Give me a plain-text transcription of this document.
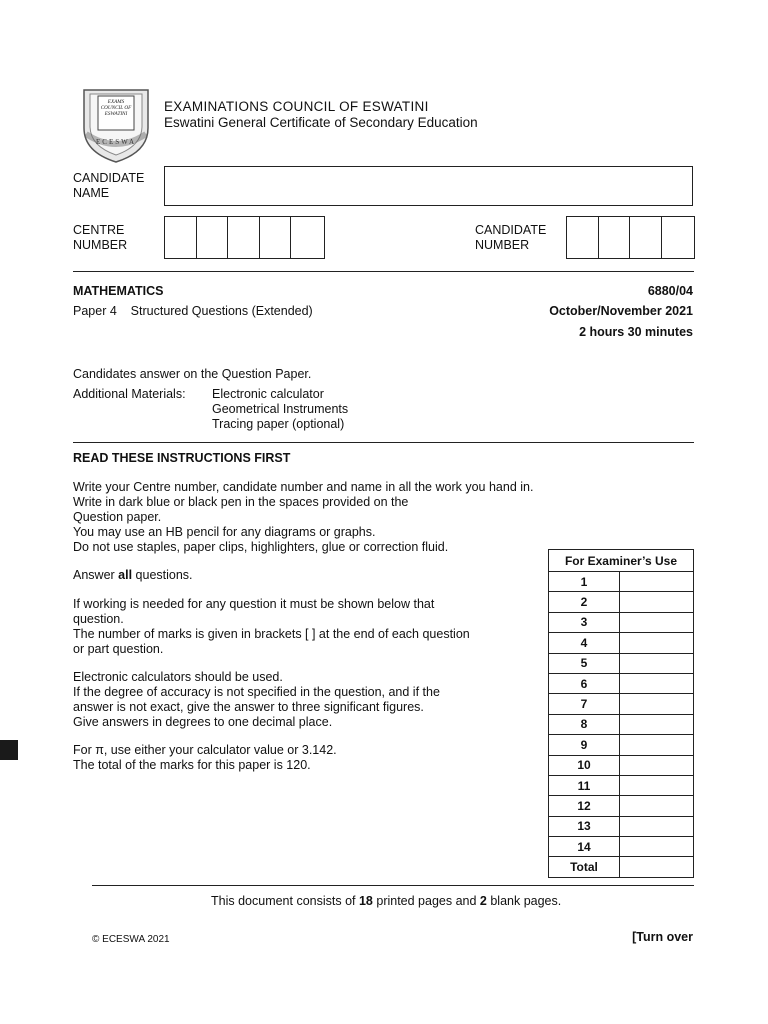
EXAMS COUNCIL OF ESWATINI
ECESWA
EXAMINATIONS COUNCIL OF ESWATINI
Eswatini General Certificate of Secondary Education
CANDIDATE
NAME
CENTRE
NUMBER
CANDIDATE
NUMBER
MATHEMATICS	6880/04
Paper 4    Structured Questions (Extended)	October/November 2021
2 hours 30 minutes
Candidates answer on the Question Paper.
Additional Materials: Electronic calculator
Geometrical Instruments
Tracing paper (optional)
READ THESE INSTRUCTIONS FIRST
Write your Centre number, candidate number and name in all the work you hand in.
Write in dark blue or black pen in the spaces provided on the
Question paper.
You may use an HB pencil for any diagrams or graphs.
Do not use staples, paper clips, highlighters, glue or correction fluid.
Answer all questions.
If working is needed for any question it must be shown below that
question.
The number of marks is given in brackets [ ] at the end of each question
or part question.
Electronic calculators should be used.
If the degree of accuracy is not specified in the question, and if the
answer is not exact, give the answer to three significant figures.
Give answers in degrees to one decimal place.
For π, use either your calculator value or 3.142.
The total of the marks for this paper is 120.
For Examiner’s Use	
1	
2	
3	
4	
5	
6	
7	
8	
9	
10	
11	
12	
13	
14	
Total	
This document consists of 18 printed pages and 2 blank pages.
© ECESWA 2021	[Turn over
